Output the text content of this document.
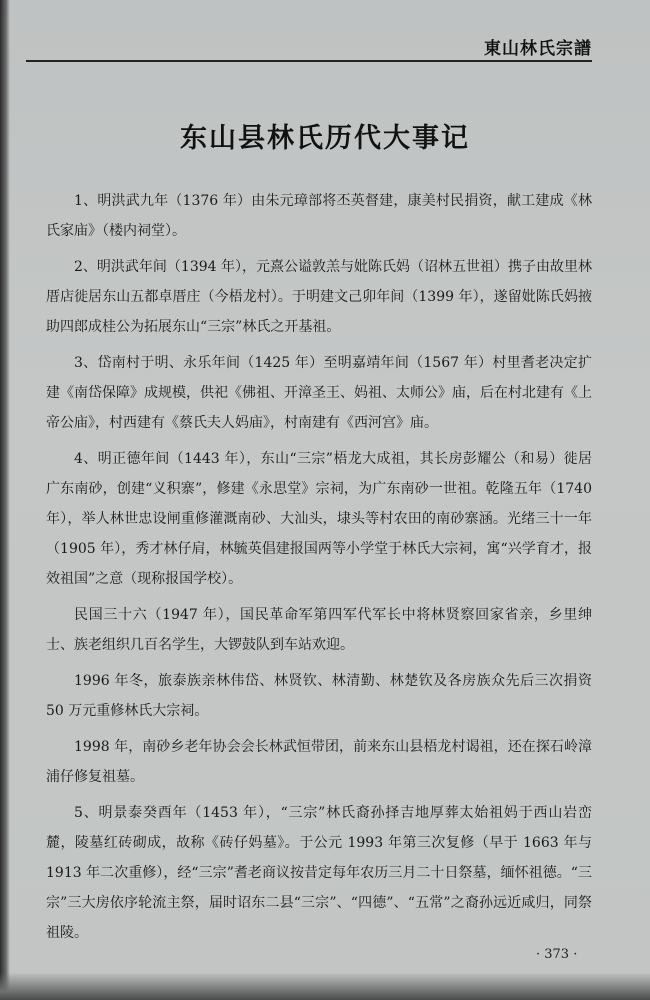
東山林氏宗譜
东山县林氏历代大事记

1、明洪武九年（1376 年）由朱元璋部将丕英督建，康美村民捐资，献工建成《林氏家庙》（楼内祠堂）。

2、明洪武年间（1394 年），元熹公谥敦羔与妣陈氏妈（诏林五世祖）携子由故里林厝店徙居东山五都卓厝庄（今梧龙村）。于明建文己卯年间（1399 年），遂留妣陈氏妈掖助四郎成桂公为拓展东山“三宗”林氏之开基祖。

3、岱南村于明、永乐年间（1425 年）至明嘉靖年间（1567 年）村里耆老决定扩建《南岱保障》成规模，供祀《佛祖、开漳圣王、妈祖、太师公》庙，后在村北建有《上帝公庙》，村西建有《蔡氏夫人妈庙》，村南建有《西河宫》庙。

4、明正德年间（1443 年），东山“三宗”梧龙大成祖，其长房彭耀公（和易）徙居广东南砂，创建“义积寨”，修建《永思堂》宗祠，为广东南砂一世祖。乾隆五年（1740 年），举人林世忠设闸重修灌溉南砂、大汕头，埭头等村农田的南砂寨涵。光绪三十一年（1905 年），秀才林仔肩，林毓英倡建报国两等小学堂于林氏大宗祠，寓“兴学育才，报效祖国”之意（现称报国学校）。

民国三十六（1947 年），国民革命军第四军代军长中将林贤察回家省亲，乡里绅士、族老组织几百名学生，大锣鼓队到车站欢迎。

1996 年冬，旅泰族亲林伟岱、林贤钦、林清勤、林楚钦及各房族众先后三次捐资 50 万元重修林氏大宗祠。

1998 年，南砂乡老年协会会长林武恒带团，前来东山县梧龙村谒祖，还在探石岭漳浦仔修复祖墓。

5、明景泰癸酉年（1453 年），“三宗”林氏裔孙择吉地厚葬太始祖妈于西山岩峦麓，陵墓红砖砌成，故称《砖仔妈墓》。于公元 1993 年第三次复修（早于 1663 年与 1913 年二次重修），经“三宗”耆老商议按昔定每年农历三月二十日祭墓，缅怀祖德。“三宗”三大房依序轮流主祭，届时诏东二县“三宗”、“四德”、“五常”之裔孙远近咸归，同祭祖陵。

· 373 ·
